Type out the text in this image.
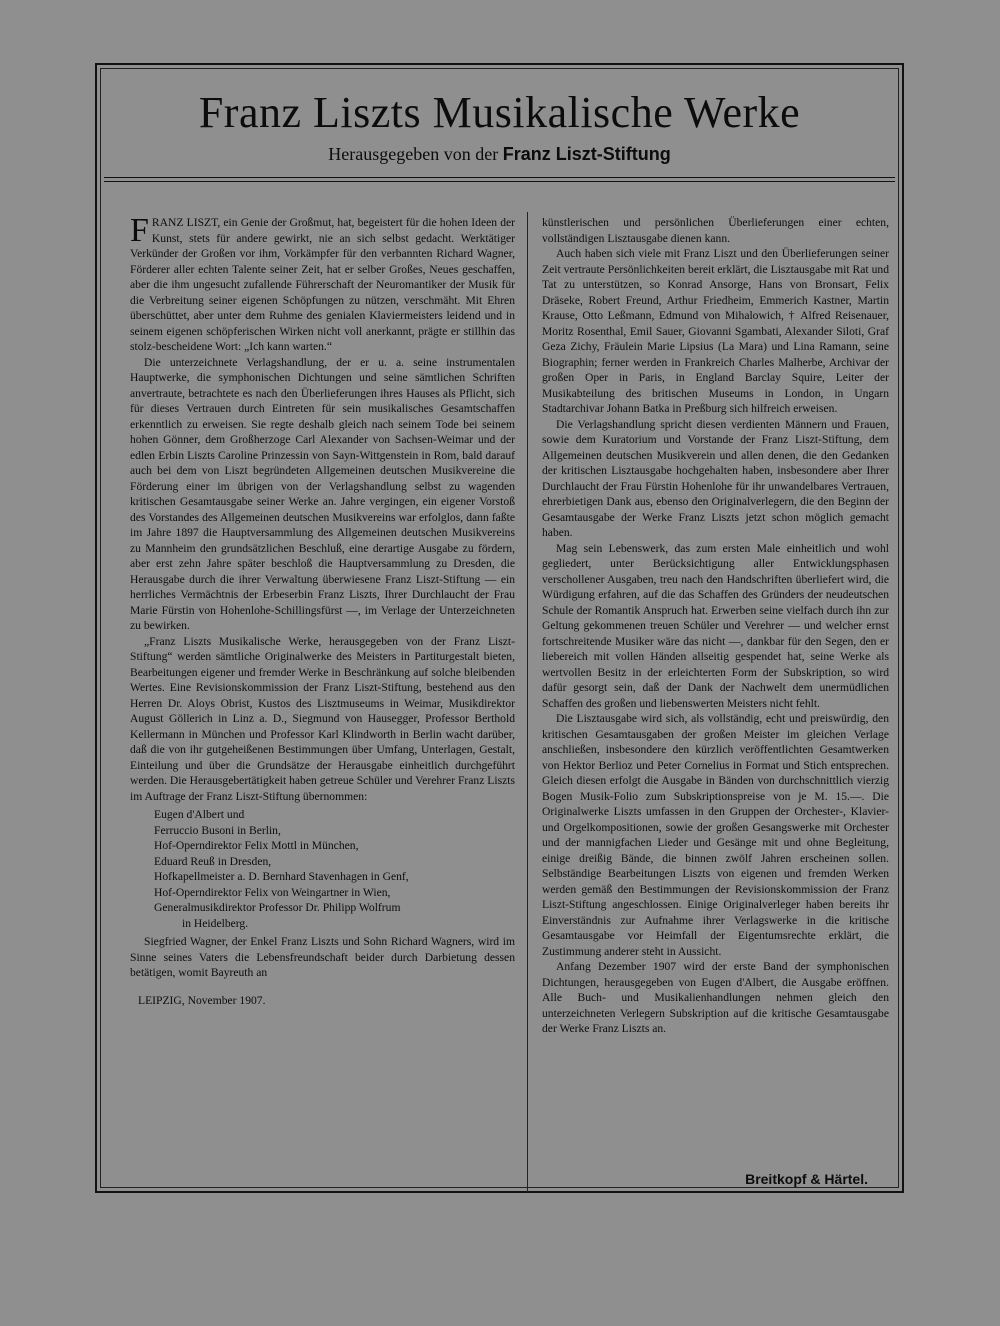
Franz Liszts Musikalische Werke
Herausgegeben von der Franz Liszt-Stiftung

FRANZ LISZT, ein Genie der Großmut, hat, begeistert für die hohen Ideen der Kunst, stets für andere gewirkt, nie an sich selbst gedacht. Werktätiger Verkünder der Großen vor ihm, Vorkämpfer für den verbannten Richard Wagner, Förderer aller echten Talente seiner Zeit, hat er selber Großes, Neues geschaffen, aber die ihm ungesucht zufallende Führerschaft der Neuromantiker der Musik für die Verbreitung seiner eigenen Schöpfungen zu nützen, verschmäht. Mit Ehren überschüttet, aber unter dem Ruhme des genialen Klaviermeisters leidend und in seinem eigenen schöpferischen Wirken nicht voll anerkannt, prägte er stillhin das stolz-bescheidene Wort: „Ich kann warten.“

Die unterzeichnete Verlagshandlung, der er u. a. seine instrumentalen Hauptwerke, die symphonischen Dichtungen und seine sämtlichen Schriften anvertraute, betrachtete es nach den Überlieferungen ihres Hauses als Pflicht, sich für dieses Vertrauen durch Eintreten für sein musikalisches Gesamtschaffen erkenntlich zu erweisen. Sie regte deshalb gleich nach seinem Tode bei seinem hohen Gönner, dem Großherzoge Carl Alexander von Sachsen-Weimar und der edlen Erbin Liszts Caroline Prinzessin von Sayn-Wittgenstein in Rom, bald darauf auch bei dem von Liszt begründeten Allgemeinen deutschen Musikvereine die Förderung einer im übrigen von der Verlagshandlung selbst zu wagenden kritischen Gesamtausgabe seiner Werke an. Jahre vergingen, ein eigener Vorstoß des Vorstandes des Allgemeinen deutschen Musikvereins war erfolglos, dann faßte im Jahre 1897 die Hauptversammlung des Allgemeinen deutschen Musikvereins zu Mannheim den grundsätzlichen Beschluß, eine derartige Ausgabe zu fördern, aber erst zehn Jahre später beschloß die Hauptversammlung zu Dresden, die Herausgabe durch die ihrer Verwaltung überwiesene Franz Liszt-Stiftung — ein herrliches Vermächtnis der Erbeserbin Franz Liszts, Ihrer Durchlaucht der Frau Marie Fürstin von Hohenlohe-Schillingsfürst —, im Verlage der Unterzeichneten zu bewirken.

„Franz Liszts Musikalische Werke, herausgegeben von der Franz Liszt-Stiftung“ werden sämtliche Originalwerke des Meisters in Partiturgestalt bieten, Bearbeitungen eigener und fremder Werke in Beschränkung auf solche bleibenden Wertes. Eine Revisionskommission der Franz Liszt-Stiftung, bestehend aus den Herren Dr. Aloys Obrist, Kustos des Lisztmuseums in Weimar, Musikdirektor August Göllerich in Linz a. D., Siegmund von Hausegger, Professor Berthold Kellermann in München und Professor Karl Klindworth in Berlin wacht darüber, daß die von ihr gutgeheißenen Bestimmungen über Umfang, Unterlagen, Gestalt, Einteilung und über die Grundsätze der Herausgabe einheitlich durchgeführt werden. Die Herausgebertätigkeit haben getreue Schüler und Verehrer Franz Liszts im Auftrage der Franz Liszt-Stiftung übernommen:

Eugen d'Albert und
Ferruccio Busoni in Berlin,
Hof-Operndirektor Felix Mottl in München,
Eduard Reuß in Dresden,
Hofkapellmeister a. D. Bernhard Stavenhagen in Genf,
Hof-Operndirektor Felix von Weingartner in Wien,
Generalmusikdirektor Professor Dr. Philipp Wolfrum
in Heidelberg.

Siegfried Wagner, der Enkel Franz Liszts und Sohn Richard Wagners, wird im Sinne seines Vaters die Lebensfreundschaft beider durch Darbietung dessen betätigen, womit Bayreuth an

LEIPZIG, November 1907.

künstlerischen und persönlichen Überlieferungen einer echten, vollständigen Lisztausgabe dienen kann.

Auch haben sich viele mit Franz Liszt und den Überlieferungen seiner Zeit vertraute Persönlichkeiten bereit erklärt, die Lisztausgabe mit Rat und Tat zu unterstützen, so Konrad Ansorge, Hans von Bronsart, Felix Dräseke, Robert Freund, Arthur Friedheim, Emmerich Kastner, Martin Krause, Otto Leßmann, Edmund von Mihalowich, † Alfred Reisenauer, Moritz Rosenthal, Emil Sauer, Giovanni Sgambati, Alexander Siloti, Graf Geza Zichy, Fräulein Marie Lipsius (La Mara) und Lina Ramann, seine Biographin; ferner werden in Frankreich Charles Malherbe, Archivar der großen Oper in Paris, in England Barclay Squire, Leiter der Musikabteilung des britischen Museums in London, in Ungarn Stadtarchivar Johann Batka in Preßburg sich hilfreich erweisen.

Die Verlagshandlung spricht diesen verdienten Männern und Frauen, sowie dem Kuratorium und Vorstande der Franz Liszt-Stiftung, dem Allgemeinen deutschen Musikverein und allen denen, die den Gedanken der kritischen Lisztausgabe hochgehalten haben, insbesondere aber Ihrer Durchlaucht der Frau Fürstin Hohenlohe für ihr unwandelbares Vertrauen, ehrerbietigen Dank aus, ebenso den Originalverlegern, die den Beginn der Gesamtausgabe der Werke Franz Liszts jetzt schon möglich gemacht haben.

Mag sein Lebenswerk, das zum ersten Male einheitlich und wohl gegliedert, unter Berücksichtigung aller Entwicklungsphasen verschollener Ausgaben, treu nach den Handschriften überliefert wird, die Würdigung erfahren, auf die das Schaffen des Gründers der neudeutschen Schule der Romantik Anspruch hat. Erwerben seine vielfach durch ihn zur Geltung gekommenen treuen Schüler und Verehrer — und welcher ernst fortschreitende Musiker wäre das nicht —, dankbar für den Segen, den er liebereich mit vollen Händen allseitig gespendet hat, seine Werke als wertvollen Besitz in der erleichterten Form der Subskription, so wird dafür gesorgt sein, daß der Dank der Nachwelt dem unermüdlichen Schaffen des großen und liebenswerten Meisters nicht fehlt.

Die Lisztausgabe wird sich, als vollständig, echt und preiswürdig, den kritischen Gesamtausgaben der großen Meister im gleichen Verlage anschließen, insbesondere den kürzlich veröffentlichten Gesamtwerken von Hektor Berlioz und Peter Cornelius in Format und Stich entsprechen. Gleich diesen erfolgt die Ausgabe in Bänden von durchschnittlich vierzig Bogen Musik-Folio zum Subskriptionspreise von je M. 15.—. Die Originalwerke Liszts umfassen in den Gruppen der Orchester-, Klavier- und Orgelkompositionen, sowie der großen Gesangswerke mit Orchester und der mannigfachen Lieder und Gesänge mit und ohne Begleitung, einige dreißig Bände, die binnen zwölf Jahren erscheinen sollen. Selbständige Bearbeitungen Liszts von eigenen und fremden Werken werden gemäß den Bestimmungen der Revisionskommission der Franz Liszt-Stiftung angeschlossen. Einige Originalverleger haben bereits ihr Einverständnis zur Aufnahme ihrer Verlagswerke in die kritische Gesamtausgabe vor Heimfall der Eigentumsrechte erklärt, die Zustimmung anderer steht in Aussicht.

Anfang Dezember 1907 wird der erste Band der symphonischen Dichtungen, herausgegeben von Eugen d'Albert, die Ausgabe eröffnen. Alle Buch- und Musikalienhandlungen nehmen gleich den unterzeichneten Verlegern Subskription auf die kritische Gesamtausgabe der Werke Franz Liszts an.

Breitkopf & Härtel.
